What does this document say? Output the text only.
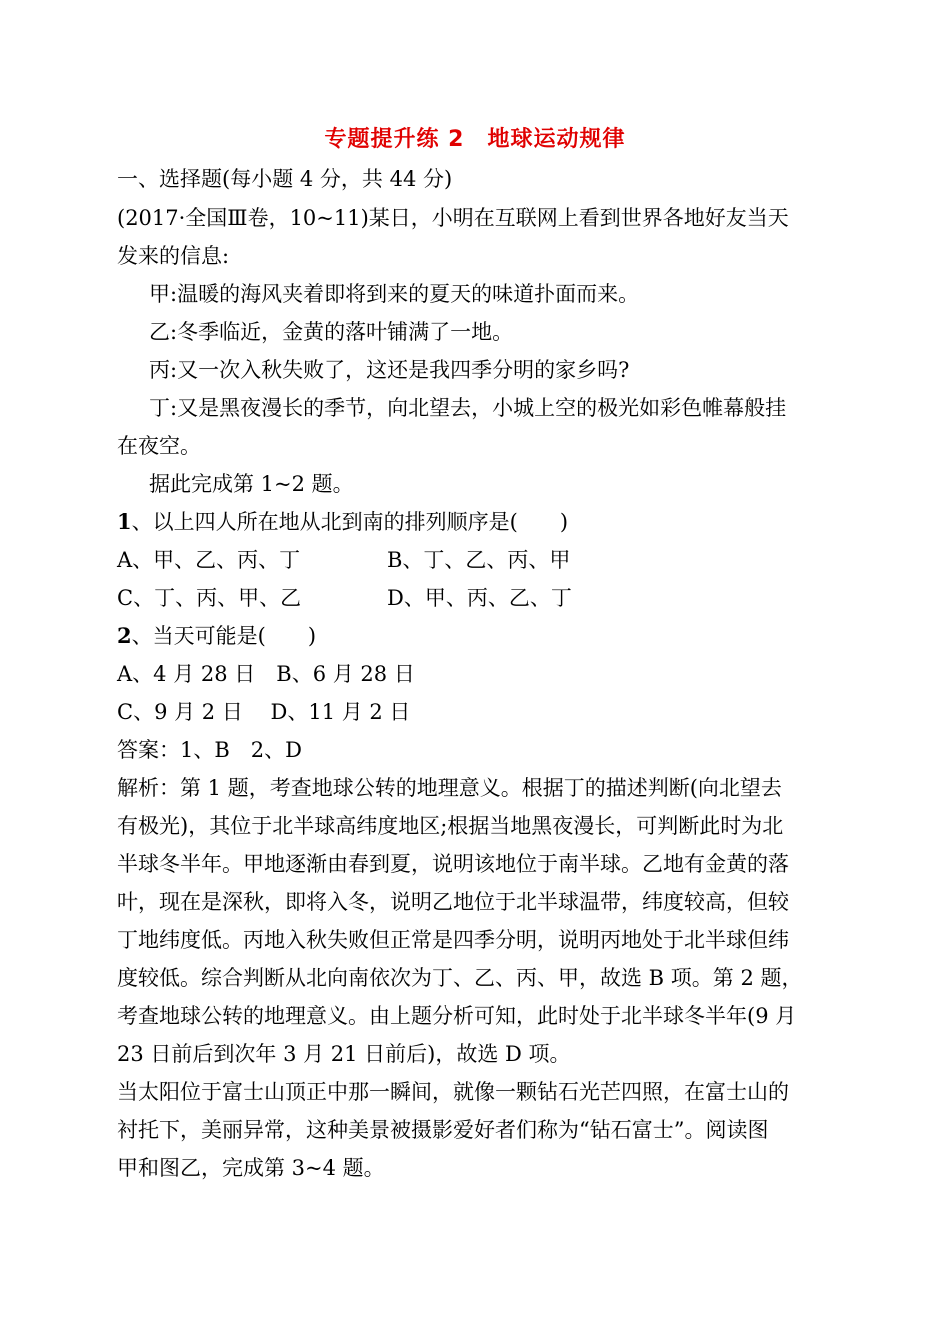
专题提升练 2　地球运动规律
一、选择题(每小题 4 分，共 44 分)
(2017·全国Ⅲ卷，10~11)某日，小明在互联网上看到世界各地好友当天
发来的信息:
甲:温暖的海风夹着即将到来的夏天的味道扑面而来。
乙:冬季临近，金黄的落叶铺满了一地。
丙:又一次入秋失败了，这还是我四季分明的家乡吗?
丁:又是黑夜漫长的季节，向北望去，小城上空的极光如彩色帷幕般挂
在夜空。
据此完成第 1~2 题。
1、以上四人所在地从北到南的排列顺序是(　　)
A、甲、乙、丙、丁	B、丁、乙、丙、甲
C、丁、丙、甲、乙	D、甲、丙、乙、丁
2、当天可能是(　　)
A、4 月 28 日　B、6 月 28 日
C、9 月 2 日　 D、11 月 2 日
答案：1、B　2、D
解析：第 1 题，考查地球公转的地理意义。根据丁的描述判断(向北望去
有极光)，其位于北半球高纬度地区;根据当地黑夜漫长，可判断此时为北
半球冬半年。甲地逐渐由春到夏，说明该地位于南半球。乙地有金黄的落
叶，现在是深秋，即将入冬，说明乙地位于北半球温带，纬度较高，但较
丁地纬度低。丙地入秋失败但正常是四季分明，说明丙地处于北半球但纬
度较低。综合判断从北向南依次为丁、乙、丙、甲，故选 B 项。第 2 题，
考查地球公转的地理意义。由上题分析可知，此时处于北半球冬半年(9 月
23 日前后到次年 3 月 21 日前后)，故选 D 项。
当太阳位于富士山顶正中那一瞬间，就像一颗钻石光芒四照，在富士山的
衬托下，美丽异常，这种美景被摄影爱好者们称为“钻石富士”。阅读图
甲和图乙，完成第 3~4 题。
